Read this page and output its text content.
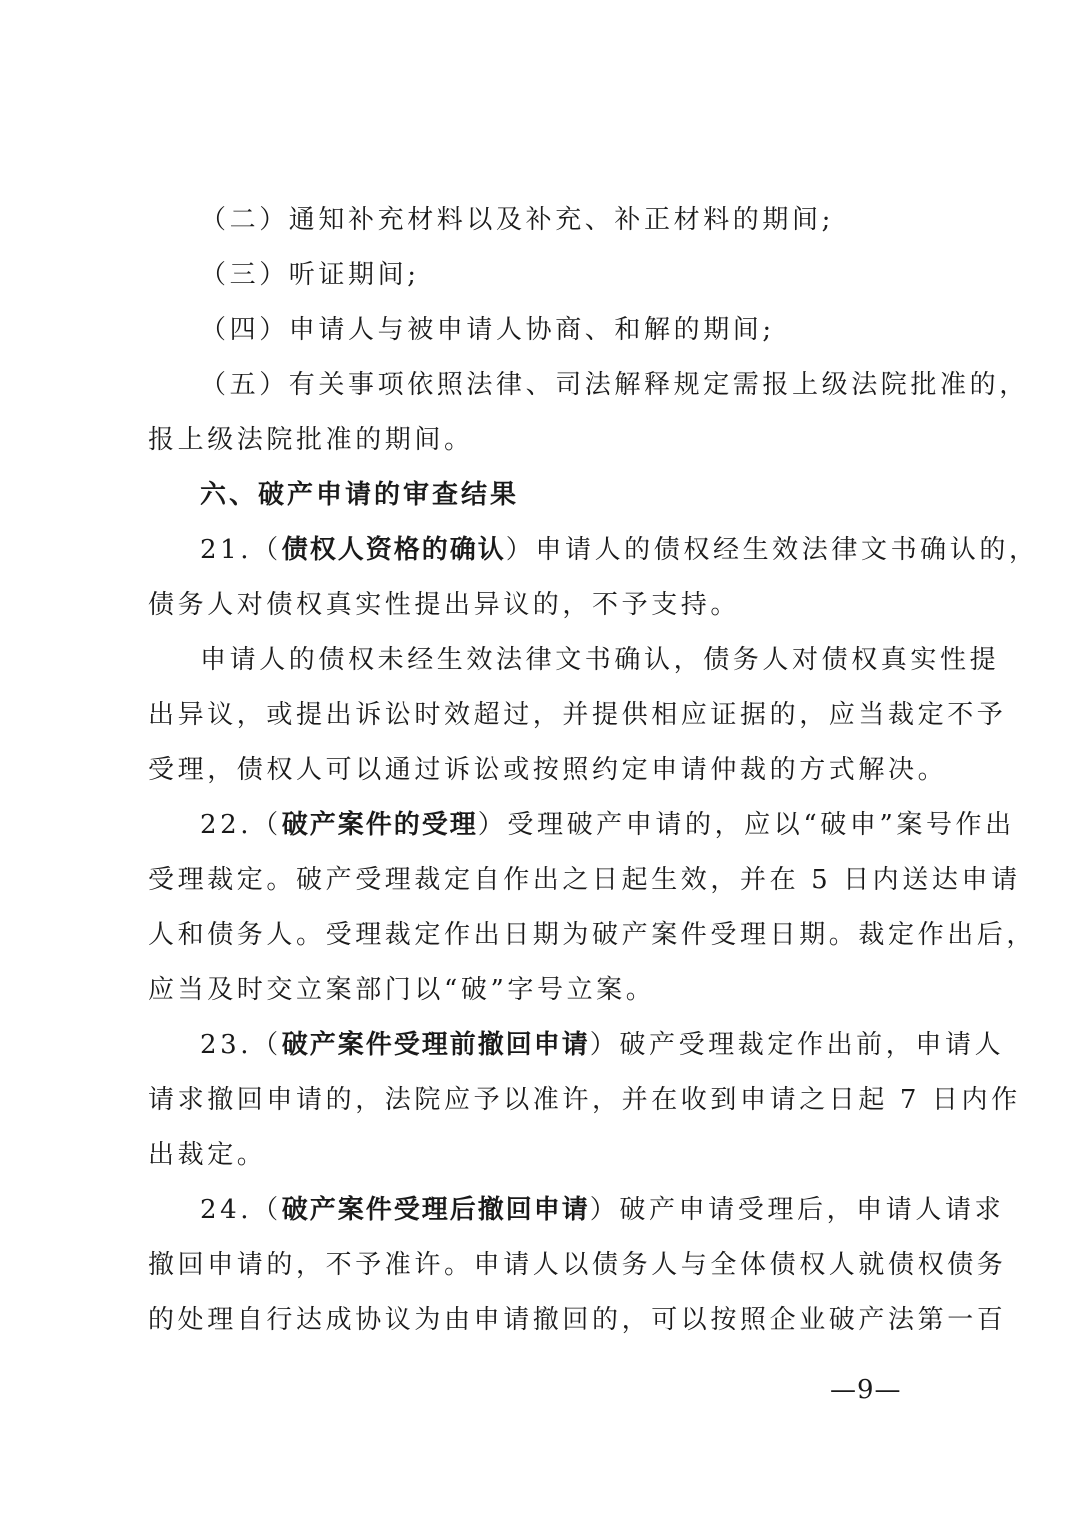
（二）通知补充材料以及补充、补正材料的期间;
（三）听证期间;
（四）申请人与被申请人协商、和解的期间;
（五）有关事项依照法律、司法解释规定需报上级法院批准的，
报上级法院批准的期间。
六、破产申请的审查结果
21.（债权人资格的确认） 申请人的债权经生效法律文书确认的，
债务人对债权真实性提出异议的，不予支持。
申请人的债权未经生效法律文书确认，债务人对债权真实性提
出异议，或提出诉讼时效超过，并提供相应证据的，应当裁定不予
受理，债权人可以通过诉讼或按照约定申请仲裁的方式解决。
22.（破产案件的受理） 受理破产申请的，应以“破申”案号作出
受理裁定。破产受理裁定自作出之日起生效，并在 5 日内送达申请
人和债务人。受理裁定作出日期为破产案件受理日期。裁定作出后，
应当及时交立案部门以“破”字号立案。
23.（破产案件受理前撤回申请） 破产受理裁定作出前，申请人
请求撤回申请的，法院应予以准许，并在收到申请之日起 7 日内作
出裁定。
24.（破产案件受理后撤回申请） 破产申请受理后，申请人请求
撤回申请的，不予准许。申请人以债务人与全体债权人就债权债务
的处理自行达成协议为由申请撤回的，可以按照企业破产法第一百
—9—
